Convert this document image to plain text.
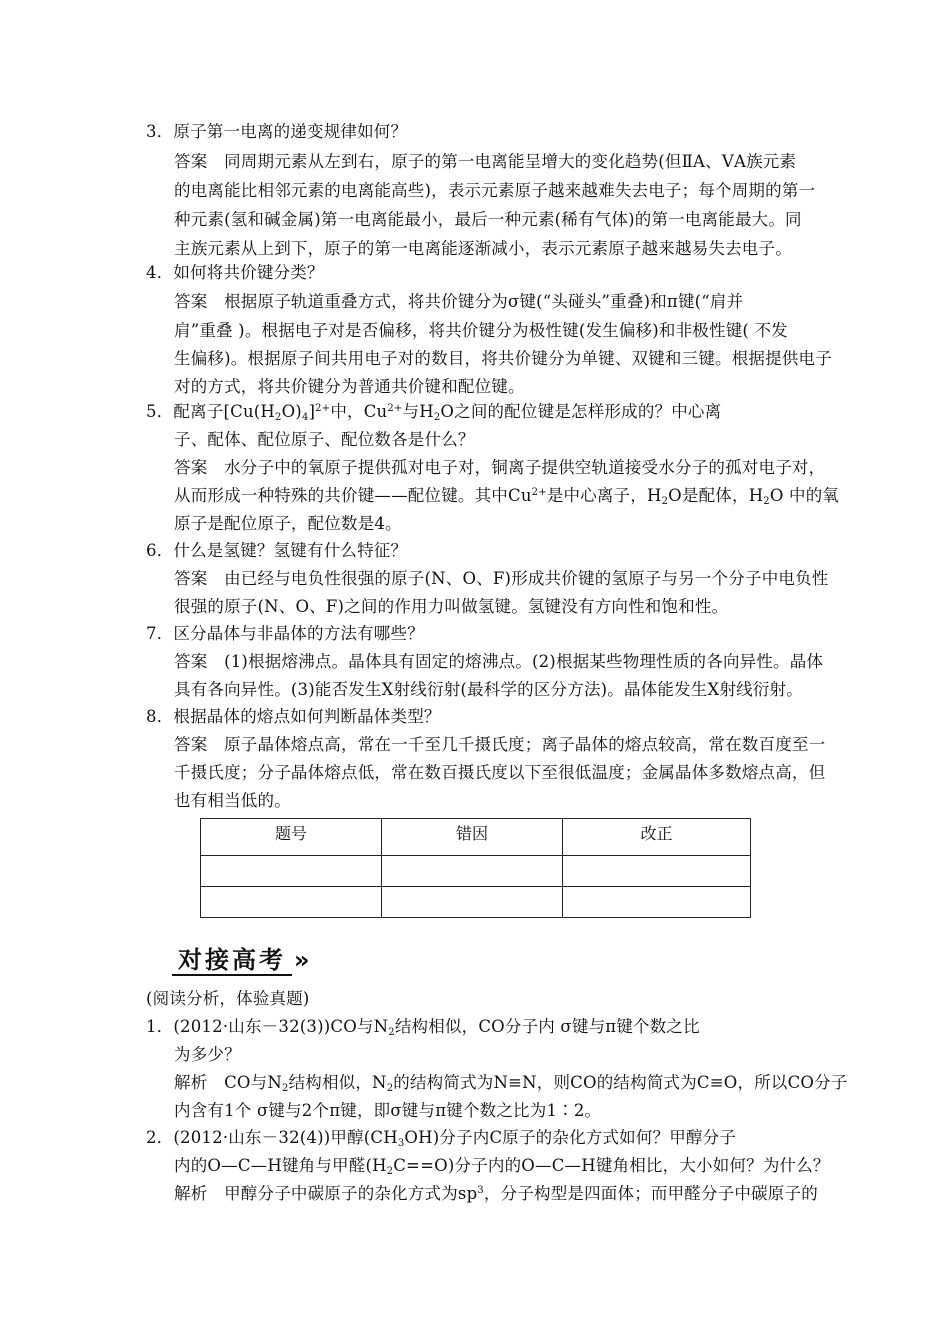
3．原子第一电离的递变规律如何？
答案　同周期元素从左到右，原子的第一电离能呈增大的变化趋势(但ⅡA、ⅤA族元素
的电离能比相邻元素的电离能高些)，表示元素原子越来越难失去电子；每个周期的第一
种元素(氢和碱金属)第一电离能最小，最后一种元素(稀有气体)的第一电离能最大。同
主族元素从上到下，原子的第一电离能逐渐减小，表示元素原子越来越易失去电子。
4．如何将共价键分类？
答案　根据原子轨道重叠方式，将共价键分为σ键(“头碰头”重叠)和π键(“肩并
肩”重叠 )。根据电子对是否偏移，将共价键分为极性键(发生偏移)和非极性键( 不发
生偏移)。根据原子间共用电子对的数目，将共价键分为单键、双键和三键。根据提供电子
对的方式，将共价键分为普通共价键和配位键。
5．配离子$[Cu(H_2O)_4]^{2+}$中，$Cu^{2+}$与$H_2O$之间的配位键是怎样形成的？中心离
子、配体、配位原子、配位数各是什么？
答案　水分子中的氧原子提供孤对电子对，铜离子提供空轨道接受水分子的孤对电子对，
从而形成一种特殊的共价键——配位键。其中$Cu^{2+}$是中心离子，$H_2O$是配体，$H_2O$ 中的氧
原子是配位原子，配位数是4。
6．什么是氢键？氢键有什么特征？
答案　由已经与电负性很强的原子(N、O、F)形成共价键的氢原子与另一个分子中电负性
很强的原子(N、O、F)之间的作用力叫做氢键。氢键没有方向性和饱和性。
7．区分晶体与非晶体的方法有哪些？
答案　(1)根据熔沸点。晶体具有固定的熔沸点。(2)根据某些物理性质的各向异性。晶体
具有各向异性。(3)能否发生X射线衍射(最科学的区分方法)。晶体能发生X射线衍射。
8．根据晶体的熔点如何判断晶体类型？
答案　原子晶体熔点高，常在一千至几千摄氏度；离子晶体的熔点较高，常在数百度至一
千摄氏度；分子晶体熔点低，常在数百摄氏度以下至很低温度；金属晶体多数熔点高，但
也有相当低的。
题号	错因	改正

对接高考 »
(阅读分析，体验真题)
1．(2012·山东－32(3))CO与$N_2$结构相似，CO分子内 σ键与π键个数之比
为多少？
解析　CO与$N_2$结构相似，$N_2$的结构简式为N≡N，则CO的结构简式为C≡O，所以CO分子
内含有1个 σ键与2个π键，即σ键与π键个数之比为1∶2。
2．(2012·山东－32(4))甲醇$(CH_3OH)$分子内C原子的杂化方式如何？甲醇分子
内的O—C—H键角与甲醛$(H_2C==O)$分子内的O—C—H键角相比，大小如何？为什么？
解析　甲醇分子中碳原子的杂化方式为$sp^3$，分子构型是四面体；而甲醛分子中碳原子的
